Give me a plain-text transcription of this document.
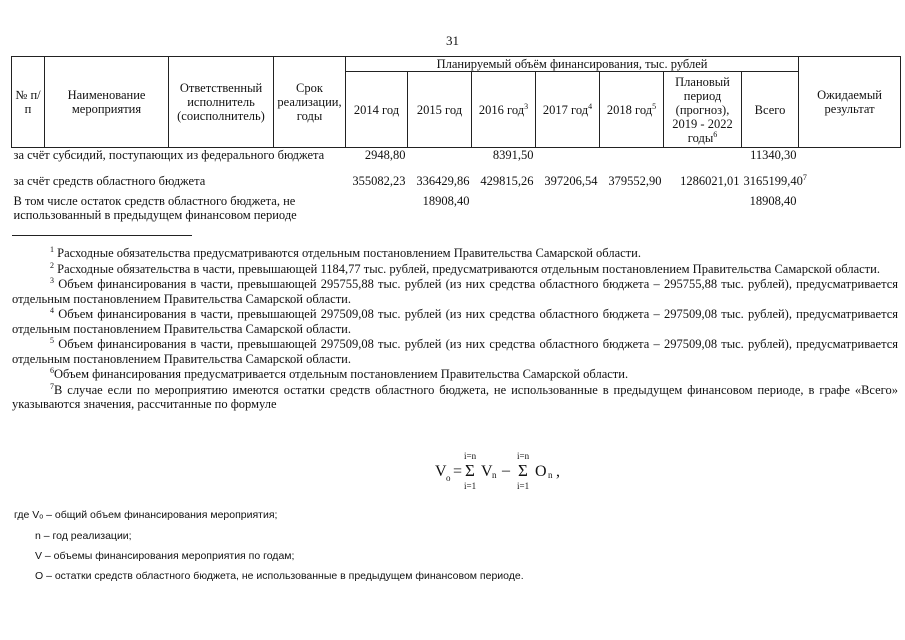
31
№ п/п	Наименование мероприятия	Ответственный исполнитель (соисполнитель)	Срок реализации, годы	Планируемый объём финансирования, тыс. рублей							Ожидаемый результат
				2014 год	2015 год	2016 год$^3$	2017 год$^4$	2018 год$^5$	Плановый период (прогноз), 2019 - 2022 годы$^6$	Всего	
за счёт субсидий, поступающих из федерального бюджета				2948,80		8391,50				11340,30	
за счёт средств областного бюджета				355082,23	336429,86	429815,26	397206,54	379552,90	1286021,01	3165199,40$^7$	
В том числе остаток средств областного бюджета, не использованный в предыдущем финансовом периоде					18908,40					18908,40	

$^1$ Расходные обязательства предусматриваются отдельным постановлением Правительства Самарской области.

$^2$ Расходные обязательства в части, превышающей 1184,77 тыс. рублей, предусматриваются отдельным постановлением Правительства Самарской области.

$^3$ Объем финансирования в части, превышающей 295755,88 тыс. рублей (из них средства областного бюджета – 295755,88 тыс. рублей), предусматривается отдельным постановлением Правительства Самарской области.

$^4$ Объем финансирования в части, превышающей 297509,08 тыс. рублей (из них средства областного бюджета – 297509,08 тыс. рублей), предусматривается отдельным постановлением Правительства Самарской области.

$^5$ Объем финансирования в части, превышающей 297509,08 тыс. рублей (из них средства областного бюджета – 297509,08 тыс. рублей), предусматривается отдельным постановлением Правительства Самарской области.

$^6$Объем финансирования предусматривается отдельным постановлением Правительства Самарской области.

$^7$В случае если по мероприятию имеются остатки средств областного бюджета, не использованные в предыдущем финансовом периоде, в графе «Всего» указываются значения, рассчитанные по формуле

V o =
i=n
Σ
i=1
V n –
i=n
Σ
i=1
O n ,
где Vₒ – общий объем финансирования мероприятия;
n – год реализации;
V – объемы финансирования мероприятия по годам;
O – остатки средств областного бюджета, не использованные в предыдущем финансовом периоде.
